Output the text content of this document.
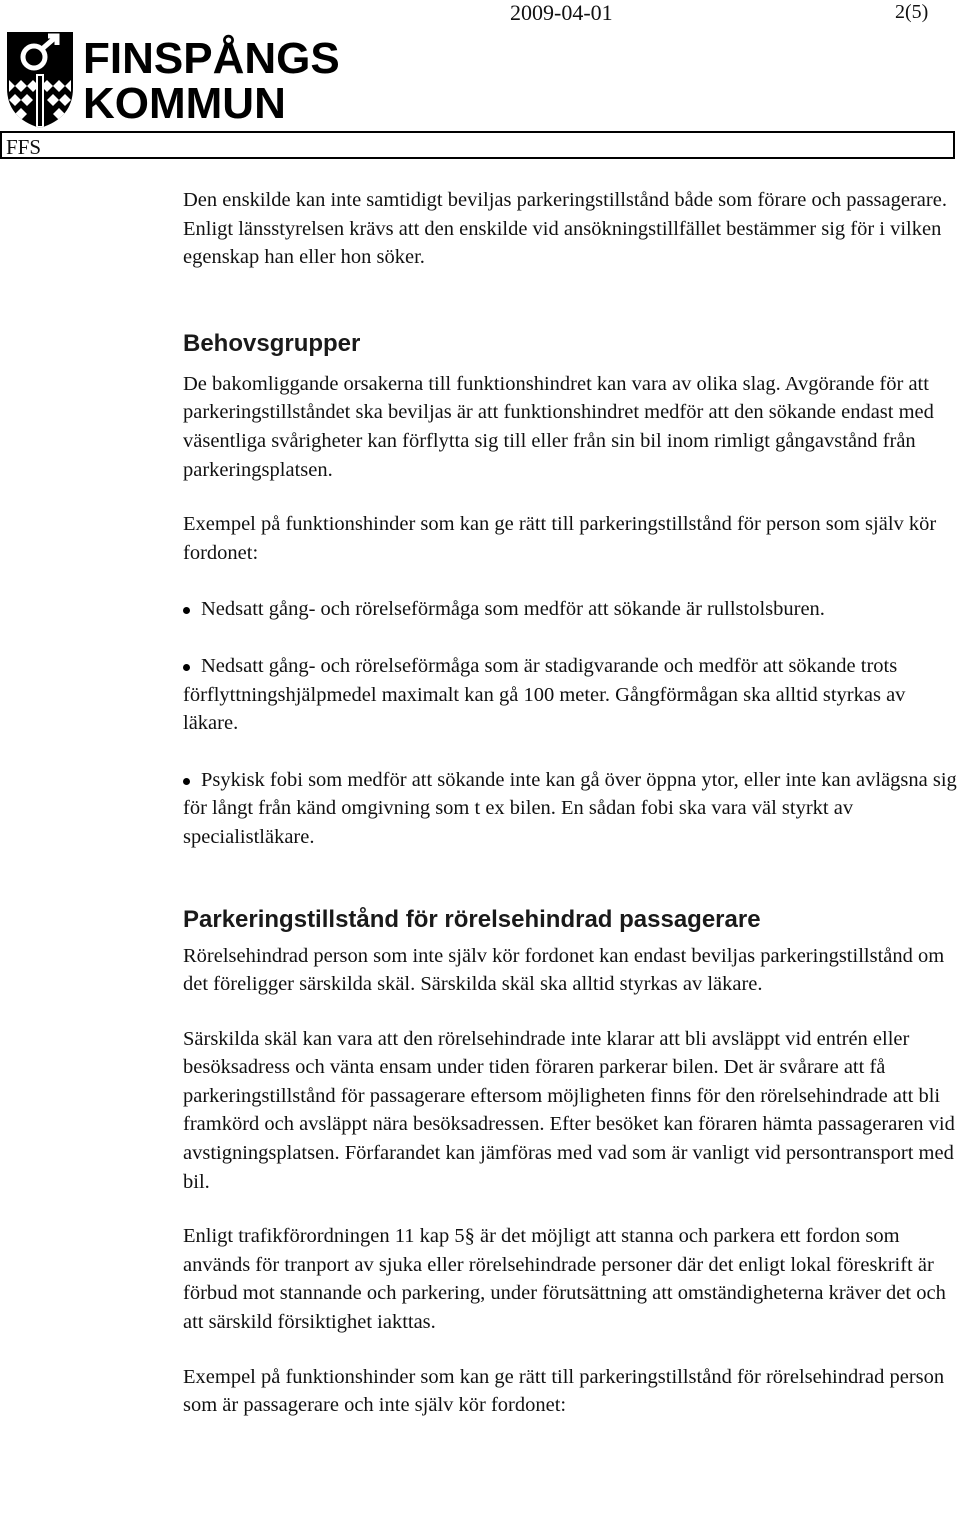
2009-04-01	2(5)
FINSPÅNGS
KOMMUN
FFS

Den enskilde kan inte samtidigt beviljas parkeringstillstånd både som förare och passagerare. Enligt länsstyrelsen krävs att den enskilde vid ansökningstillfället bestämmer sig för i vilken egenskap han eller hon söker.

Behovsgrupper

De bakomliggande orsakerna till funktionshindret kan vara av olika slag. Avgörande för att parkeringstillståndet ska beviljas är att funktionshindret medför att den sökande endast med väsentliga svårigheter kan förflytta sig till eller från sin bil inom rimligt gångavstånd från parkeringsplatsen.

Exempel på funktionshinder som kan ge rätt till parkeringstillstånd för person som själv kör fordonet:

Nedsatt gång- och rörelseförmåga som medför att sökande är rullstolsburen.
Nedsatt gång- och rörelseförmåga som är stadigvarande och medför att sökande trots förflyttningshjälpmedel maximalt kan gå 100 meter. Gångförmågan ska alltid styrkas av läkare.
Psykisk fobi som medför att sökande inte kan gå över öppna ytor, eller inte kan avlägsna sig för långt från känd omgivning som t ex bilen. En sådan fobi ska vara väl styrkt av specialistläkare.

Parkeringstillstånd för rörelsehindrad passagerare

Rörelsehindrad person som inte själv kör fordonet kan endast beviljas parkeringstillstånd om det föreligger särskilda skäl. Särskilda skäl ska alltid styrkas av läkare.

Särskilda skäl kan vara att den rörelsehindrade inte klarar att bli avsläppt vid entrén eller besöksadress och vänta ensam under tiden föraren parkerar bilen. Det är svårare att få parkeringstillstånd för passagerare eftersom möjligheten finns för den rörelsehindrade att bli framkörd och avsläppt nära besöksadressen. Efter besöket kan föraren hämta passageraren vid avstigningsplatsen. Förfarandet kan jämföras med vad som är vanligt vid persontransport med bil.

Enligt trafikförordningen 11 kap 5§ är det möjligt att stanna och parkera ett fordon som används för tranport av sjuka eller rörelsehindrade personer där det enligt lokal föreskrift är förbud mot stannande och parkering, under förutsättning att omständigheterna kräver det och att särskild försiktighet iakttas.

Exempel på funktionshinder som kan ge rätt till parkeringstillstånd för rörelsehindrad person som är passagerare och inte själv kör fordonet:
